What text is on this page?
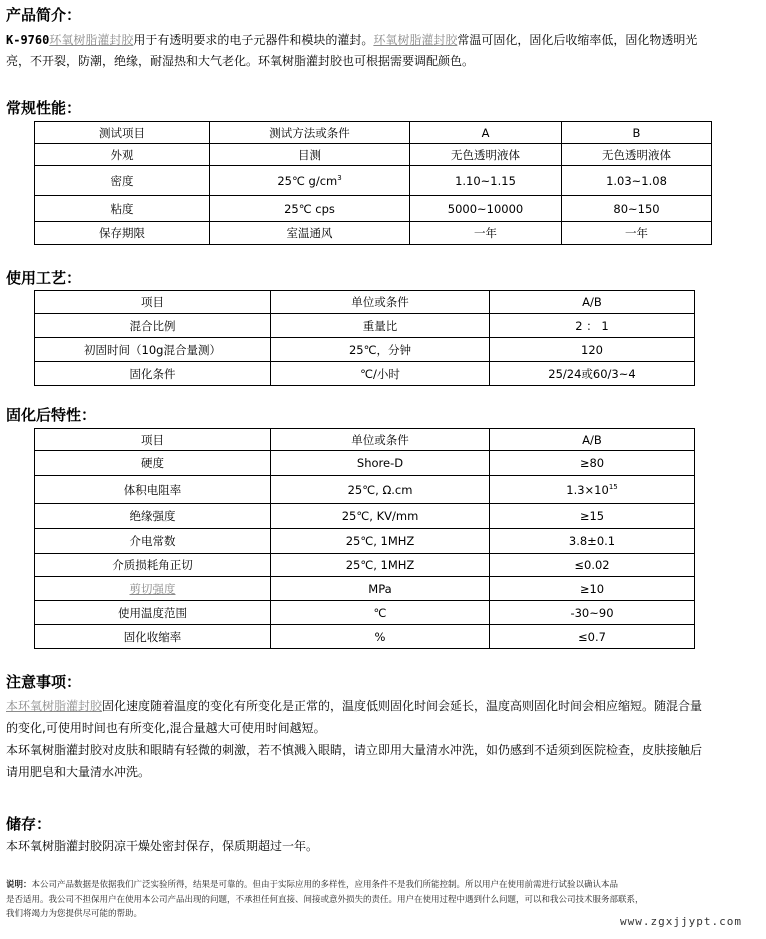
产品简介：

K-9760环氧树脂灌封胶用于有透明要求的电子元器件和模块的灌封。环氧树脂灌封胶常温可固化，固化后收缩率低，固化物透明光
亮，不开裂，防潮，绝缘，耐湿热和大气老化。环氧树脂灌封胶也可根据需要调配颜色。

常规性能：
测试项目	测试方法或条件	A	B
外观	目测	无色透明液体	无色透明液体
密度	25℃ $g/cm^3$	1.10~1.15	1.03~1.08
粘度	25℃ cps	5000~10000	80~150
保存期限	室温通风	一年	一年
使用工艺：
项目	单位或条件	A/B
混合比例	重量比	2 ： 1
初固时间（10g混合量测）	25℃，分钟	120
固化条件	℃/小时	25/24或60/3~4
固化后特性：
项目	单位或条件	A/B
硬度	Shore-D	≥80
体积电阻率	25℃, Ω.cm	$1.3\times 10^{15}$
绝缘强度	25℃, KV/mm	≥15
介电常数	25℃, 1MHZ	3.8±0.1
介质损耗角正切	25℃, 1MHZ	≤0.02
剪切强度	MPa	≥10
使用温度范围	℃	-30~90
固化收缩率	%	≤0.7
注意事项：

本环氧树脂灌封胶固化速度随着温度的变化有所变化是正常的，温度低则固化时间会延长，温度高则固化时间会相应缩短。随混合量
的变化,可使用时间也有所变化,混合量越大可使用时间越短。
本环氧树脂灌封胶对皮肤和眼睛有轻微的刺激，若不慎溅入眼睛，请立即用大量清水冲洗，如仍感到不适须到医院检查，皮肤接触后
请用肥皂和大量清水冲洗。

储存：

本环氧树脂灌封胶阴凉干燥处密封保存，保质期超过一年。

说明：本公司产品数据是依据我们广泛实验所得，结果是可靠的。但由于实际应用的多样性，应用条件不是我们所能控制。所以用户在使用前需进行试验以确认本品
是否适用。我公司不担保用户在使用本公司产品出现的问题，不承担任何直接、间接或意外损失的责任。用户在使用过程中遇到什么问题，可以和我公司技术服务部联系，
我们将竭力为您提供尽可能的帮助。
www.zgxjjypt.com
